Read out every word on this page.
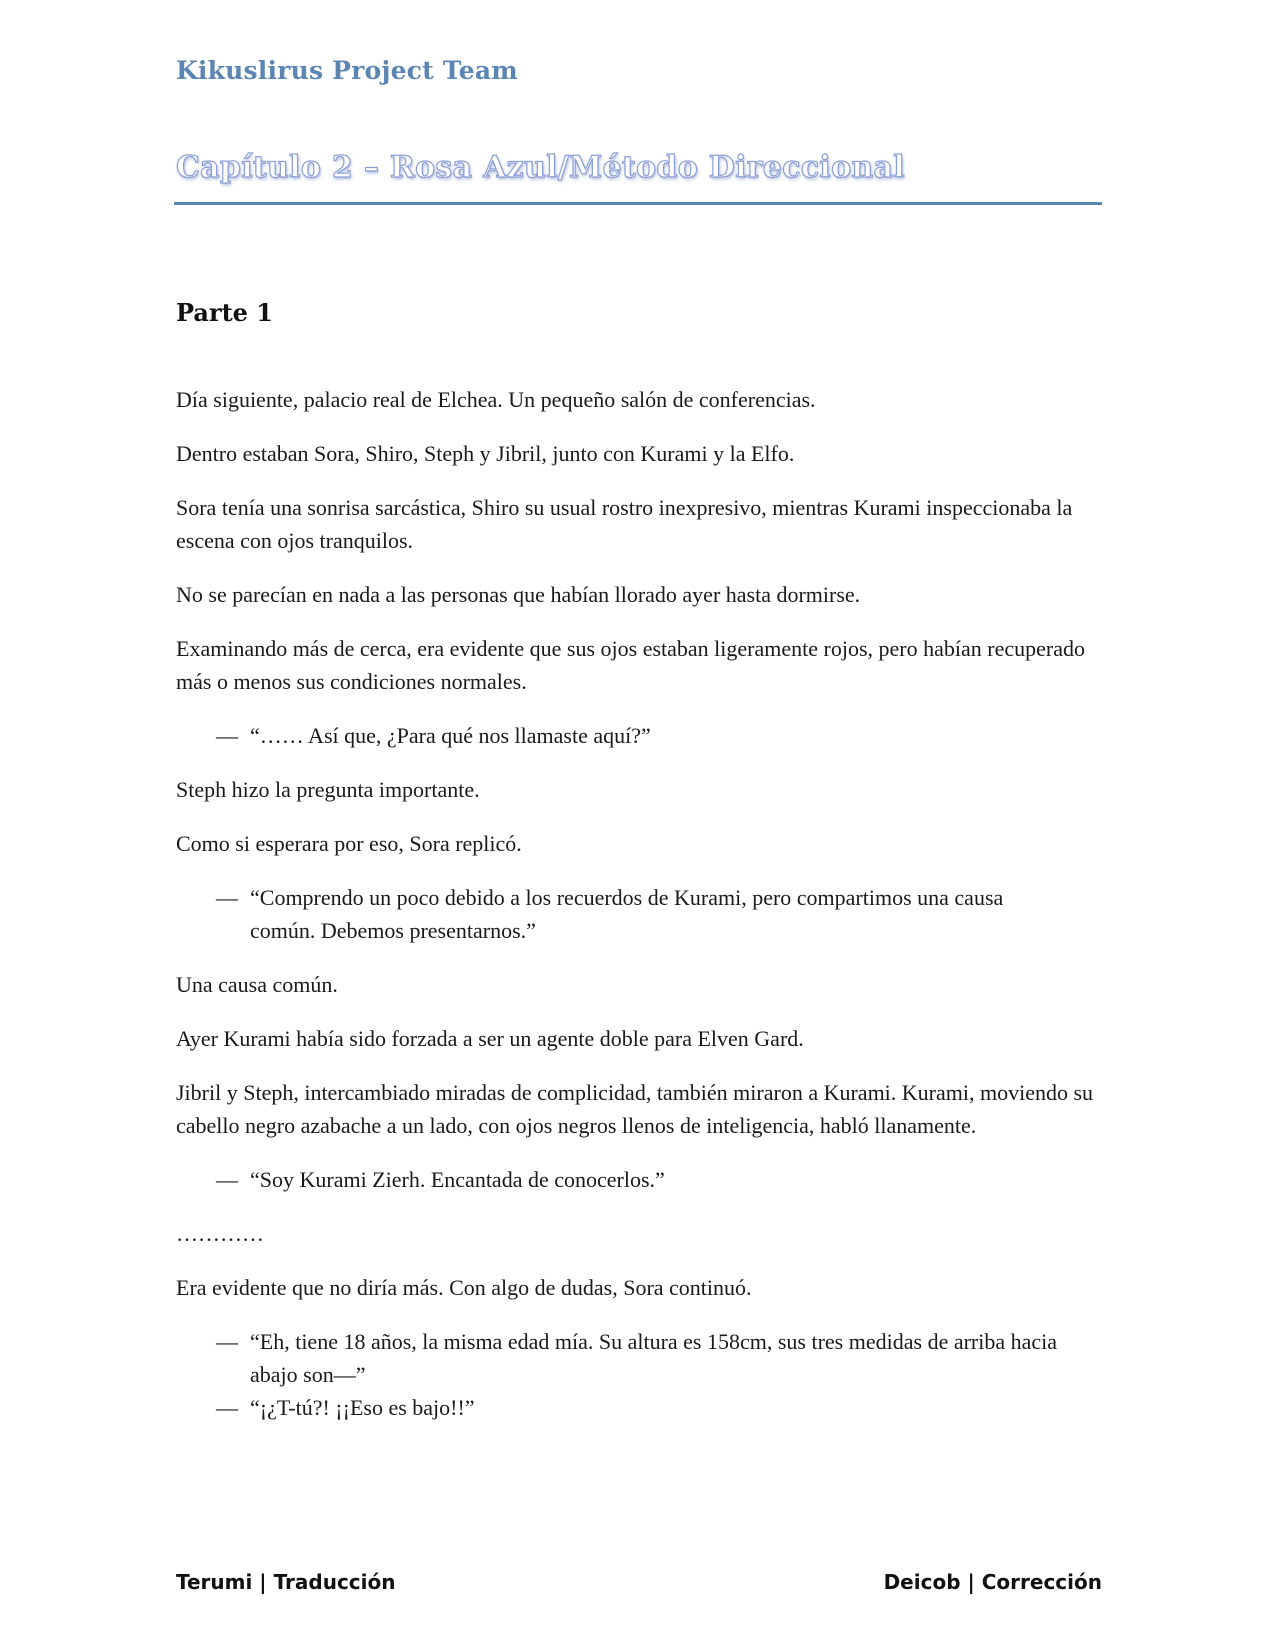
Kikuslirus Project Team
Capítulo 2 – Rosa Azul/Método Direccional
Parte 1

Día siguiente, palacio real de Elchea. Un pequeño salón de conferencias.

Dentro estaban Sora, Shiro, Steph y Jibril, junto con Kurami y la Elfo.

Sora tenía una sonrisa sarcástica, Shiro su usual rostro inexpresivo, mientras Kurami inspeccionaba la escena con ojos tranquilos.

No se parecían en nada a las personas que habían llorado ayer hasta dormirse.

Examinando más de cerca, era evidente que sus ojos estaban ligeramente rojos, pero habían recuperado más o menos sus condiciones normales.

— “…… Así que, ¿Para qué nos llamaste aquí?”

Steph hizo la pregunta importante.

Como si esperara por eso, Sora replicó.

— “Comprendo un poco debido a los recuerdos de Kurami, pero compartimos una causa común. Debemos presentarnos.”

Una causa común.

Ayer Kurami había sido forzada a ser un agente doble para Elven Gard.

Jibril y Steph, intercambiado miradas de complicidad, también miraron a Kurami. Kurami, moviendo su cabello negro azabache a un lado, con ojos negros llenos de inteligencia, habló llanamente.

— “Soy Kurami Zierh. Encantada de conocerlos.”

…………

Era evidente que no diría más. Con algo de dudas, Sora continuó.

— “Eh, tiene 18 años, la misma edad mía. Su altura es 158cm, sus tres medidas de arriba hacia abajo son—”
— “¡¿T-tú?! ¡¡Eso es bajo!!”
Terumi | Traducción	Deicob | Corrección
